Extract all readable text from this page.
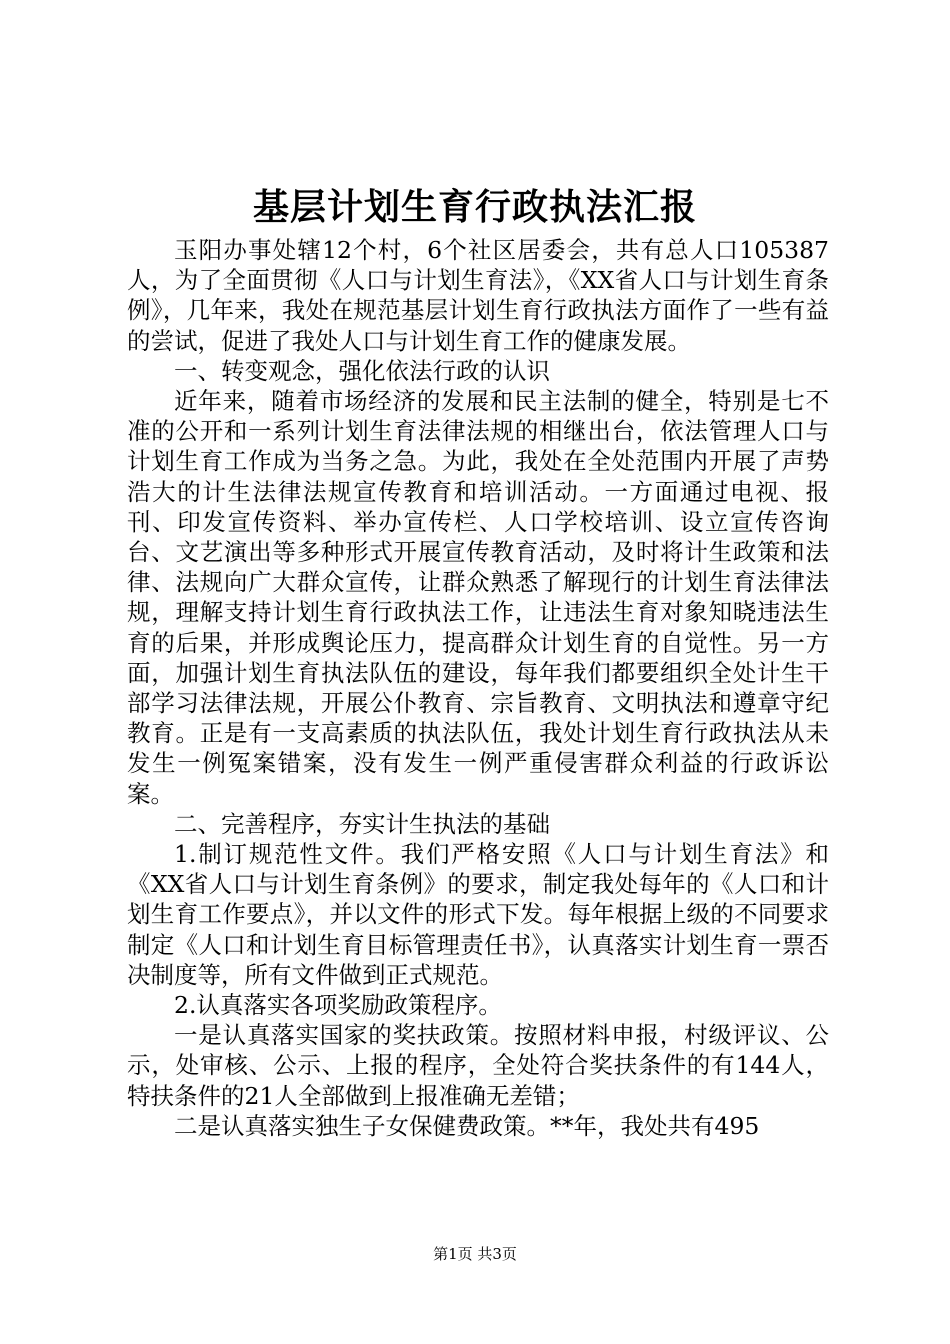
基层计划生育行政执法汇报

玉阳办事处辖12个村，6个社区居委会，共有总人口105387人，为了全面贯彻《人口与计划生育法》，《XX省人口与计划生育条例》，几年来，我处在规范基层计划生育行政执法方面作了一些有益的尝试，促进了我处人口与计划生育工作的健康发展。

一、转变观念，强化依法行政的认识

近年来，随着市场经济的发展和民主法制的健全，特别是七不准的公开和一系列计划生育法律法规的相继出台，依法管理人口与计划生育工作成为当务之急。为此，我处在全处范围内开展了声势浩大的计生法律法规宣传教育和培训活动。一方面通过电视、报刊、印发宣传资料、举办宣传栏、人口学校培训、设立宣传咨询台、文艺演出等多种形式开展宣传教育活动，及时将计生政策和法律、法规向广大群众宣传，让群众熟悉了解现行的计划生育法律法规，理解支持计划生育行政执法工作，让违法生育对象知晓违法生育的后果，并形成舆论压力，提高群众计划生育的自觉性。另一方面，加强计划生育执法队伍的建设，每年我们都要组织全处计生干部学习法律法规，开展公仆教育、宗旨教育、文明执法和遵章守纪教育。正是有一支高素质的执法队伍，我处计划生育行政执法从未发生一例冤案错案，没有发生一例严重侵害群众利益的行政诉讼案。

二、完善程序，夯实计生执法的基础

1.制订规范性文件。我们严格安照《人口与计划生育法》和《XX省人口与计划生育条例》的要求，制定我处每年的《人口和计划生育工作要点》，并以文件的形式下发。每年根据上级的不同要求制定《人口和计划生育目标管理责任书》，认真落实计划生育一票否决制度等，所有文件做到正式规范。

2.认真落实各项奖励政策程序。

一是认真落实国家的奖扶政策。按照材料申报，村级评议、公示，处审核、公示、上报的程序，全处符合奖扶条件的有144人，特扶条件的21人全部做到上报准确无差错；

二是认真落实独生子女保健费政策。**年，我处共有495

第1页 共3页
